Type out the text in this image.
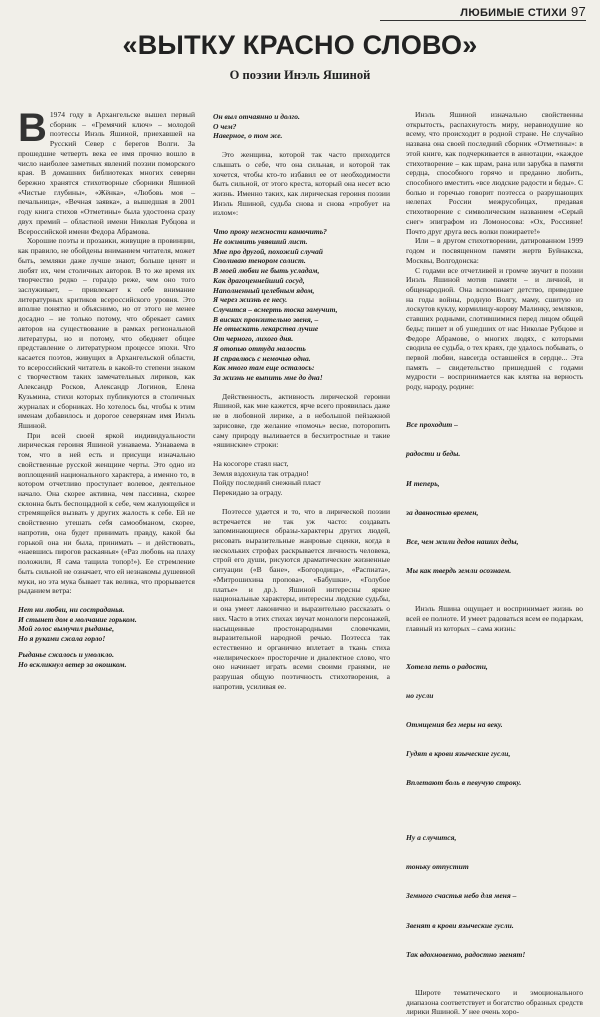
ЛЮБИМЫЕ СТИХИ 97
«ВЫТКУ КРАСНО СЛОВО»
О поэзии Инэль Яшиной
В 1974 году в Архангельске вышел первый сборник – «Гремячий ключ» – молодой поэтессы Инэль Яшиной, приехавшей на Русский Север с берегов Волги. За прошедшие четверть века ее имя прочно вошло в число наиболее заметных явлений поэзии поморского края. В домашних библиотеках многих северян бережно хранятся стихотворные сборники Яшиной «Чистые глубины», «Жёнка», «Любовь моя – печальница», «Вечная заявка», а вышедшая в 2001 году книга стихов «Отметины» была удостоена сразу двух премий – областной имени Николая Рубцова и Всероссийской имени Федора Абрамова.

Хорошие поэты и прозаики, живущие в провинции, как правило, не обойдены вниманием читателя, может быть, земляки даже лучше знают, больше ценят и любят их, чем столичных авторов. В то же время их творчество редко – гораздо реже, чем оно того заслуживает, – привлекает к себе внимание литературных критиков всероссийского уровня. Это вполне понятно и объяснимо, но от этого не менее досадно – не только потому, что обрекает самих авторов на существование в рамках региональной литературы, но и потому, что обедняет общее представление о литературном процессе эпохи. Что касается поэтов, живущих в Архангельской области, то всероссийский читатель в какой-то степени знаком с творчеством таких замечательных лириков, как Александр Росков, Александр Логинов, Елена Кузьмина, стихи которых публикуются в столичных журналах и сборниках. Но хотелось бы, чтобы к этим именам добавилось и дорогое северянам имя Инэль Яшиной.

При всей своей яркой индивидуальности лирическая героиня Яшиной узнаваема. Узнаваема в том, что в ней есть и присущи изначально свойственные русской женщине черты. Это одно из воплощений национального характера, а именно то, в котором отчетливо проступает волевое, деятельное начало. Она скорее активна, чем пассивна, скорее склонна быть беспощадной к себе, чем жалующейся и стремящейся вызвать у других жалость к себе. Ей не свойственно утешать себя самообманом, скорее, напротив, она будет принимать правду, какой бы горькой она ни была, принимать – и действовать, «наевшись пирогов раскаянья» («Раз любовь на плаху положили, Я сама тащила топор!»). Ее стремление быть сильной не означает, что ей незнакомы душевной муки, но эта мука бывает так велика, что прорывается рыданием ветра:

Нет ни любви, ни состраданья.
И стынет дом в молчание горьком.
Мой голос вымучил рыданье,
Но я руками сжала горло!
Рыданье сжалось и умолкло.
Но вскликнул ветер за окошком.
Он выл отчаянно и долго.
О чем?
Наверное, о том же.

Это женщина, которой так часто приходится слышать о себе, что она сильная, и которой так хочется, чтобы кто-то избавил ее от необходимости быть сильной, от этого креста, который она несет всю жизнь. Именно таких, как лирическая героиня поэзии Инэль Яшиной, судьба снова и снова «пробует на излом»:

Что проку нежности канючить?
Не оживить увявший лист.
Мне про другой, похожий случай
Споливаю тенором солист.
В моей любви не быть усладам,
Как драгоценнейший сосуд,
Наполненный целебным ядом,
Я через жизнь ее несу.
Случится – всмерть тоска замучит,
В висках пронзительно звеня, –
Не отыскать лекарства лучше
От черного, лихого дня.
Я отопью оттуда малость
И справлюсь с немочью одна.
Как много там еще осталось:
За жизнь не выпить мне до дна!

Действенность, активность лирической героини Яшиной, как мне кажется, ярче всего проявилась даже не в любовной лирике, а в небольшой пейзажной зарисовке, где желание «помочь» весне, поторопить саму природу выливается в бесхитростные и такие «яшинские» строки:

На косогоре стаял наст,
Земля вздохнула так отрадно!
Пойду последний снежный пласт
Перекидаю за ограду.

Поэтессе удается и то, что в лирической поэзии встречается не так уж часто: создавать запоминающиеся образы-характеры других людей, рисовать выразительные жанровые сценки, когда в нескольких строфах раскрывается личность человека, строй его души, рисуются драматические жизненные ситуации («В бане», «Богородица», «Распиата», «Митрошихина пропова», «Бабушки», «Голубое платье» и др.). Яшиной интересны яркие национальные характеры, интересны людские судьбы, и она умеет лаконично и выразительно рассказать о них. Часто в этих стихах звучат монологи персонажей, насыщенные простонародными словечками, выразительной народной речью. Поэтесса так естественно и органично вплетает в ткань стиха «нелирическое» просторечие и диалектное слово, что оно начинает играть всеми своими гранями, не разрушая общую поэтичность стихотворения, а напротив, усиливая ее.

Инэль Яшиной изначально свойственны открытость, распахнутость миру, неравнодушие ко всему, что происходит в родной стране. Не случайно названа она своей последний сборник «Отметины»: в этой книге, как подчеркивается в аннотации, «каждое стихотворение – как шрам, рана или зарубка в памяти сердца, способного горячо и преданно любить, способного вместить «все людские радости и беды». С болью и горечью говорит поэтесса о разрушающих нелепах России межрусобицах, предавая стихотворение с символическим названием «Серый снег» эпиграфом из Ломоносова: «Ох, Россияне! Почто друг друга весь волки пожираете!»

Или – в другом стихотворении, датированном 1999 годом и посвященном памяти жертв Буйнакска, Москвы, Волгодонска:

С годами все отчетливей и громче звучит в поэзии Инэль Яшиной мотив памяти – и личной, и общенародной. Она вспоминает детство, приведшее на годы войны, родную Волгу, маму, сшитую из лоскутов куклу, кормилицу-корову Малинку, земляков, ставших родными, слотившимися перед лицом общей беды; пишет и об ушедших от нас Николае Рубцове и Федоре Абрамове, о многих людях, с которыми сводила ее судьба, о тех краях, где удалось побывать, о первой любви, навсегда оставшейся в сердце... Эта память – свидетельство пришедшей с годами мудрости – воспринимается как клятва на верность роду, народу, родине:

Все проходит –

радости и беды.

И теперь,

за давностью времен,

Все, чем жили дедов наших деды,

Мы как твердь земли осознаем.

Инэль Яшина ощущает и воспринимает жизнь во всей ее полноте. И умеет радоваться всем ее подаркам, главный из которых – сама жизнь:

Хотела петь о радости,

но гусли

Отмщения без меры на веку.

Гудят в крови языческие гусли,

Вплетают боль в певучую строку.

Ну а случится,

тоньку отпустит

Земного счастья небо для меня –

Звенят в крови языческие гусли.

Так вдохновенно, радостно звенят!

Широте тематического и эмоционального диапазона соответствует и богатство образных средств лирики Яшиной. У нее очень хоро-
